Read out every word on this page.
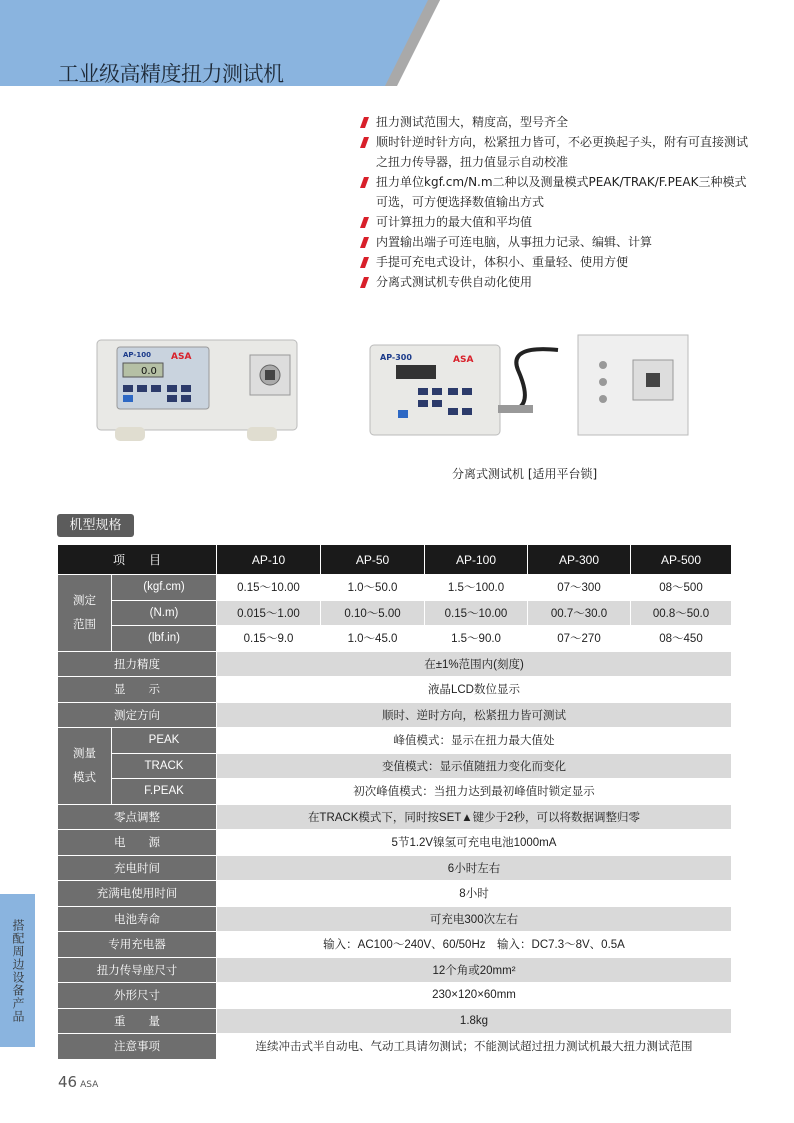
工业级高精度扭力测试机
扭力测试范围大，精度高，型号齐全
顺时针逆时针方向，松紧扭力皆可，不必更换起子头，附有可直接测试之扭力传导器，扭力值显示自动校准
扭力单位kgf.cm/N.m二种以及测量模式PEAK/TRAK/F.PEAK三种模式可选，可方便选择数值输出方式
可计算扭力的最大值和平均值
内置输出端子可连电脑，从事扭力记录、编辑、计算
手提可充电式设计，体积小、重量轻、使用方便
分离式测试机专供自动化使用
AP-100 ASA
0.0
AP-300	ASA
分离式测试机 [适用平台锁]
机型规格
项　　目		AP-10	AP-50	AP-100	AP-300	AP-500
测定范围	(kgf.cm)	0.15～10.00	1.0～50.0	1.5～100.0	07～300	08～500
	(N.m)	0.015～1.00	0.10～5.00	0.15～10.00	00.7～30.0	00.8～50.0
	(lbf.in)	0.15～9.0	1.0～45.0	1.5～90.0	07～270	08～450
扭力精度		在±1%范围内(刻度)				
显　　示		液晶LCD数位显示				
测定方向		顺时、逆时方向，松紧扭力皆可测试				
测量模式	PEAK	峰值模式：显示在扭力最大值处				
	TRACK	变值模式：显示值随扭力变化而变化				
	F.PEAK	初次峰值模式：当扭力达到最初峰值时锁定显示				
零点调整		在TRACK模式下，同时按SET▲键少于2秒，可以将数据调整归零				
电　　源		5节1.2V镍氢可充电电池1000mA				
充电时间		6小时左右				
充满电使用时间		8小时				
电池寿命		可充电300次左右				
专用充电器		输入：AC100～240V、60/50Hz　输入：DC7.3～8V、0.5A				
扭力传导座尺寸		12个角或20mm²				
外形尺寸		230×120×60mm				
重　　量		1.8kg				
注意事项		连续冲击式半自动电、气动工具请勿测试；不能测试超过扭力测试机最大扭力测试范围				
搭配周边设备产品
46 ASA
